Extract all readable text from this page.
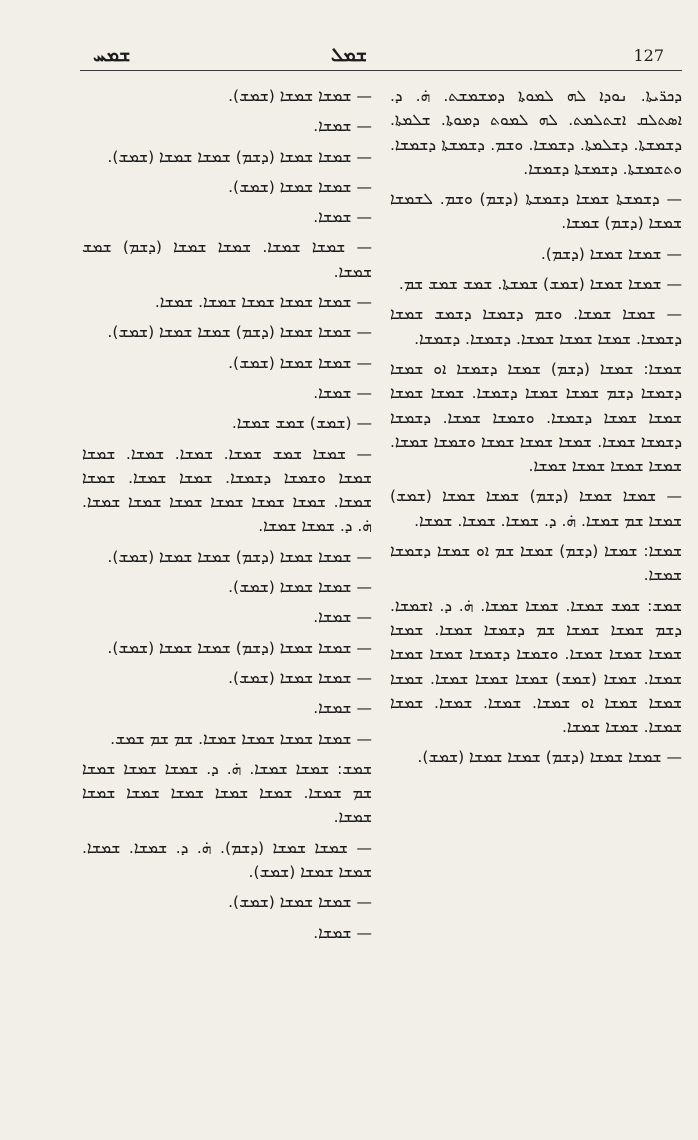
ܫܡܚ	ܫܡܠ	127
ܕܟܪ̈ܝܬܐ. ܢܘܕܐ ܠܗ ܠܡܘܬܐ ܕܡܫܡܫܬ. ܗ̇. ܕ. ܐܣܬܠܩ ܐܫܬܠܡܬ. ܠܗ ܠܡܘܬ ܕܡܘܬܐ. ܫܠܡܬܐ. ܕܫܡܫܬܐ. ܕܫܠܡܬܐ. ܕܫܡܫܐ. ܘܫܡ. ܕܫܡܫܬܐ ܕܫܡܫܐ. ܘܬܫܡܫܬܐ. ܕܫܡܫܬܐ ܕܫܡܫܐ.
— ܕܫܡܫܬܐ ܫܡܫܐ ܕܫܡܫܬܐ (ܕܫܡ) ܘܫܡ. ܠܫܡܫܐ ܫܡܫܐ (ܕܫܡ) ܫܡܫܐ.
— ܫܡܫܐ ܫܡܫܐ (ܕܫܡ).
— ܫܡܫܐ ܫܡܫܐ (ܫܡܫ) ܫܡܫܬܐ. ܫܡܫ ܫܡܫ ܫܡ.
— ܫܡܫܐ ܫܡܫܐ. ܘܫܡ ܕܫܡܫܐ ܕܫܡܫ ܫܡܫܐ ܕܫܡܫܐ. ܫܡܫܐ ܫܡܫܐ ܫܡܫܐ. ܕܫܡܫܐ. ܕܫܡܫܐ.
ܫܡܫܐ: ܫܡܫܐ (ܕܫܡ) ܫܡܫܐ ܕܫܡܫܐ ܐܘ ܫܡܫܐ ܕܫܡܫܐ ܕܫܡ ܫܡܫܐ ܫܡܫܐ ܕܫܡܫܐ. ܫܡܫܐ ܫܡܫܐ ܫܡܫܐ ܫܡܫܐ ܕܫܡܫܐ. ܘܫܡܫܐ ܫܡܫܐ. ܕܫܡܫܐ ܕܫܡܫܐ ܫܡܫܐ. ܫܡܫܐ ܫܡܫܐ ܫܡܫܐ ܘܫܡܫܐ ܫܡܫܐ. ܫܡܫܐ ܫܡܫܐ ܫܡܫܐ ܫܡܫܐ.
— ܫܡܫܐ ܫܡܫܐ (ܕܫܡ) ܫܡܫܐ ܫܡܫܐ (ܫܡܫ) ܫܡܫܐ ܫܡ ܫܡܫܐ. ܗ̇. ܕ. ܫܡܫܐ. ܫܡܫܐ. ܫܡܫܐ.
ܫܡܫܐ: ܫܡܫܐ (ܕܫܡ) ܫܡܫܐ ܫܡ ܐܘ ܫܡܫܐ ܕܫܡܫܐ ܫܡܫܐ.
ܫܡܫ: ܫܡܫ ܫܡܫܐ. ܫܡܫܐ ܫܡܫܐ. ܗ̇. ܕ. ܐܫܡܫܐ. ܕܫܡ ܫܡܫܐ ܫܡܫܐ ܫܡ ܕܫܡܫܐ ܫܡܫܐ. ܫܡܫܐ ܫܡܫܐ ܫܡܫܐ ܫܡܫܐ. ܘܫܡܫܐ ܕܫܡܫܐ ܫܡܫܐ ܫܡܫܐ ܫܡܫܐ. ܫܡܫܐ (ܫܡܫ) ܫܡܫܐ ܫܡܫܐ ܫܡܫܐ. ܫܡܫܐ ܫܡܫܐ ܫܡܫܐ ܐܘ ܫܡܫܐ. ܫܡܫܐ. ܫܡܫܐ. ܫܡܫܐ ܫܡܫܐ. ܫܡܫܐ ܫܡܫܐ.
— ܫܡܫܐ ܫܡܫܐ (ܕܫܡ) ܫܡܫܐ ܫܡܫܐ (ܫܡܫ).
— ܫܡܫܐ ܫܡܫܐ (ܫܡܫ).
— ܫܡܫܐ.
— ܫܡܫܐ ܫܡܫܐ (ܕܫܡ) ܫܡܫܐ ܫܡܫܐ (ܫܡܫ).
— ܫܡܫܐ ܫܡܫܐ (ܫܡܫ).
— ܫܡܫܐ.
— ܫܡܫܐ ܫܡܫܐ. ܫܡܫܐ ܫܡܫܐ (ܕܫܡ) ܫܡܫ ܫܡܫܐ.
— ܫܡܫܐ ܫܡܫܐ ܫܡܫܐ ܫܡܫܐ. ܫܡܫܐ.
— ܫܡܫܐ ܫܡܫܐ (ܕܫܡ) ܫܡܫܐ ܫܡܫܐ (ܫܡܫ).
— ܫܡܫܐ ܫܡܫܐ (ܫܡܫ).
— ܫܡܫܐ.
— (ܫܡܫ) ܫܡܫ ܫܡܫܐ.
— ܫܡܫܐ ܫܡܫ ܫܡܫܐ. ܫܡܫܐ. ܫܡܫܐ. ܫܡܫܐ ܫܡܫܐ ܘܫܡܫܐ ܕܫܡܫܐ. ܫܡܫܐ ܫܡܫܐ. ܫܡܫܐ ܫܡܫܐ. ܫܡܫܐ ܫܡܫܐ ܫܡܫܐ ܫܡܫܐ ܫܡܫܐ ܫܡܫܐ. ܗ̇. ܕ. ܫܡܫܐ ܫܡܫܐ.
— ܫܡܫܐ ܫܡܫܐ (ܕܫܡ) ܫܡܫܐ ܫܡܫܐ (ܫܡܫ).
— ܫܡܫܐ ܫܡܫܐ (ܫܡܫ).
— ܫܡܫܐ.
— ܫܡܫܐ ܫܡܫܐ (ܕܫܡ) ܫܡܫܐ ܫܡܫܐ (ܫܡܫ).
— ܫܡܫܐ ܫܡܫܐ (ܫܡܫ).
— ܫܡܫܐ.
— ܫܡܫܐ ܫܡܫܐ ܫܡܫܐ ܫܡܫܐ. ܫܡ ܫܡ ܫܡܫ.
ܫܡܫ: ܫܡܫܐ ܫܡܫܐ. ܗ̇. ܕ. ܫܡܫܐ ܫܡܫܐ ܫܡܫܐ ܫܡ ܫܡܫܐ. ܫܡܫܐ ܫܡܫܐ ܫܡܫܐ ܫܡܫܐ ܫܡܫܐ ܫܡܫܐ.
— ܫܡܫܐ ܫܡܫܐ (ܕܫܡ). ܗ̇. ܕ. ܫܡܫܐ. ܫܡܫܐ. ܫܡܫܐ ܫܡܫܐ (ܫܡܫ).
— ܫܡܫܐ ܫܡܫܐ (ܫܡܫ).
— ܫܡܫܐ.
